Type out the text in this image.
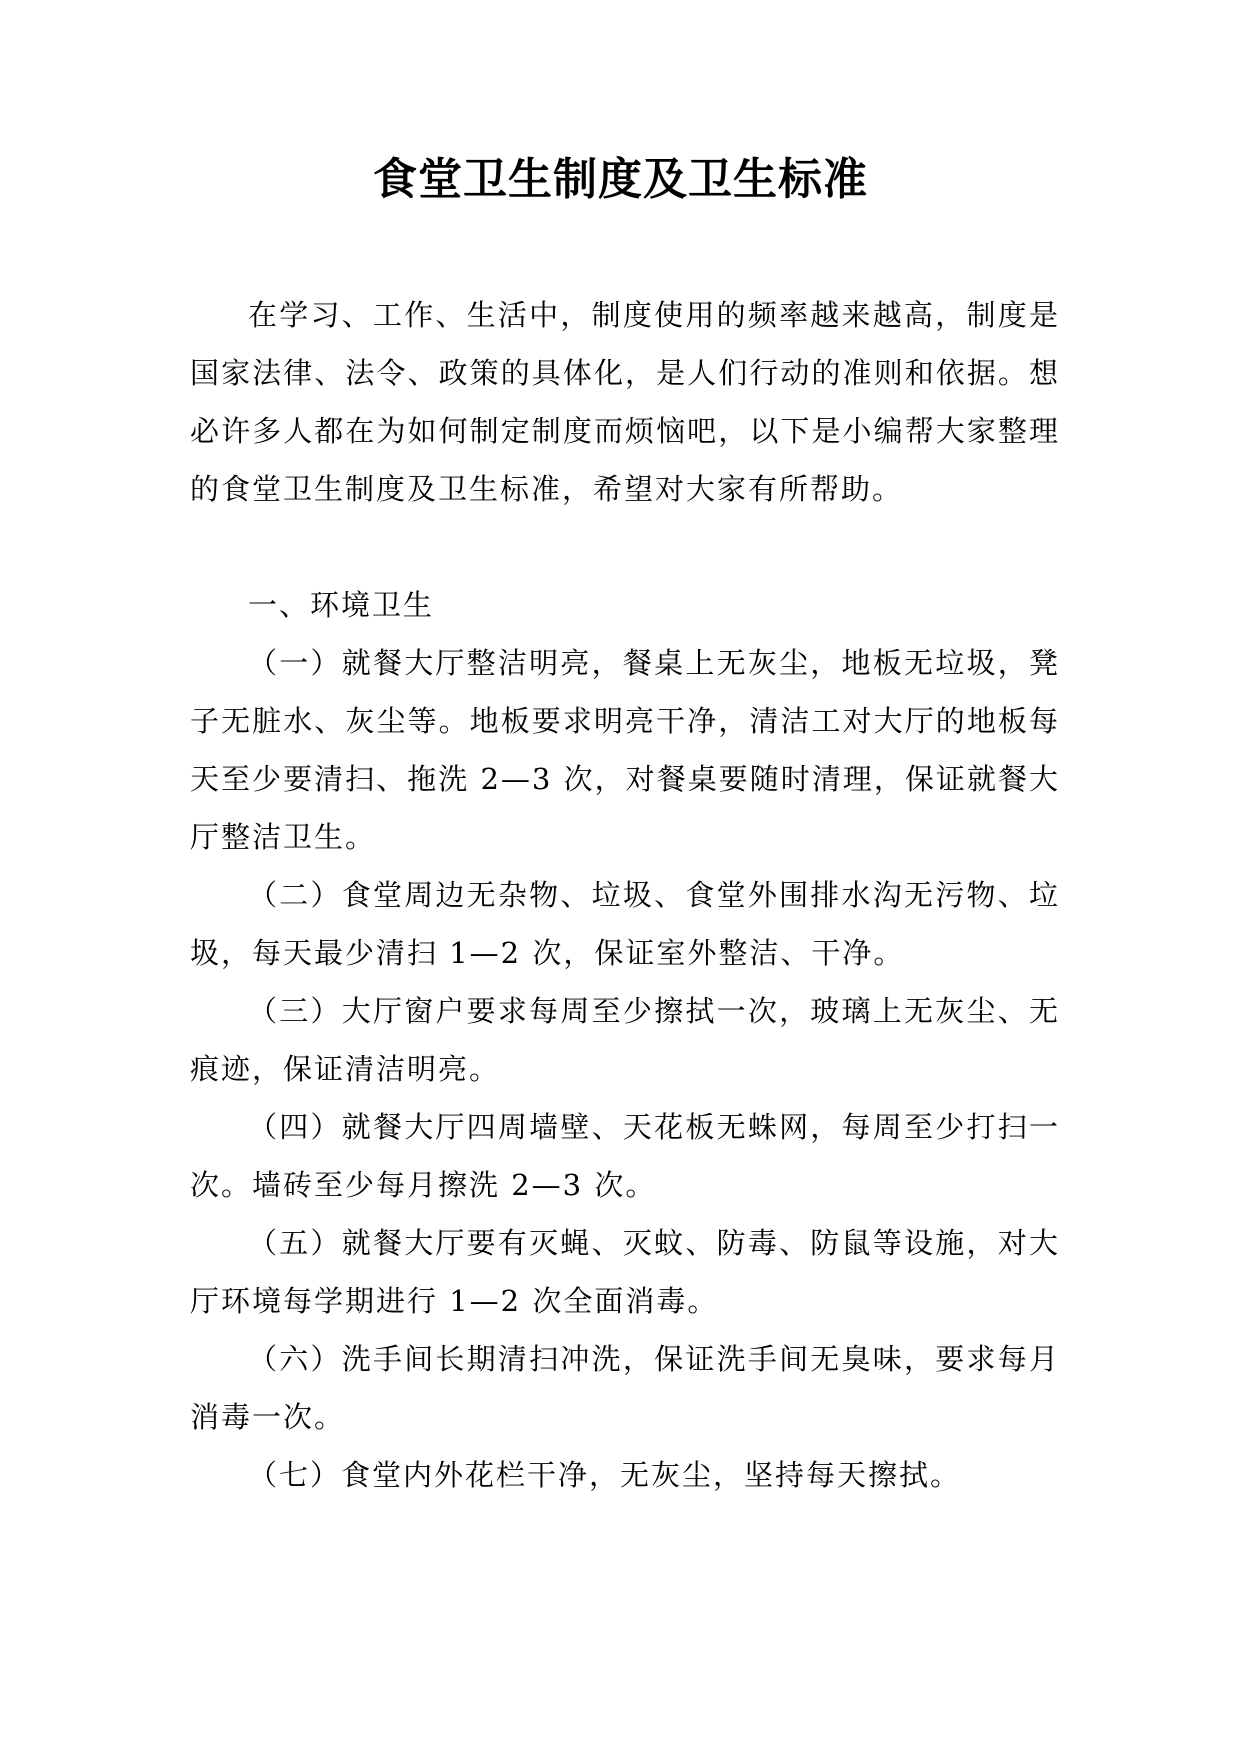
食堂卫生制度及卫生标准

在学习、工作、生活中，制度使用的频率越来越高，制度是国家法律、法令、政策的具体化，是人们行动的准则和依据。想必许多人都在为如何制定制度而烦恼吧，以下是小编帮大家整理的食堂卫生制度及卫生标准，希望对大家有所帮助。

一、环境卫生

（一）就餐大厅整洁明亮，餐桌上无灰尘，地板无垃圾，凳子无脏水、灰尘等。地板要求明亮干净，清洁工对大厅的地板每天至少要清扫、拖洗 2—3 次，对餐桌要随时清理，保证就餐大厅整洁卫生。

（二）食堂周边无杂物、垃圾、食堂外围排水沟无污物、垃圾，每天最少清扫 1—2 次，保证室外整洁、干净。

（三）大厅窗户要求每周至少擦拭一次，玻璃上无灰尘、无痕迹，保证清洁明亮。

（四）就餐大厅四周墙壁、天花板无蛛网，每周至少打扫一次。墙砖至少每月擦洗 2—3 次。

（五）就餐大厅要有灭蝇、灭蚊、防毒、防鼠等设施，对大厅环境每学期进行 1—2 次全面消毒。

（六）洗手间长期清扫冲洗，保证洗手间无臭味，要求每月消毒一次。

（七）食堂内外花栏干净，无灰尘，坚持每天擦拭。
